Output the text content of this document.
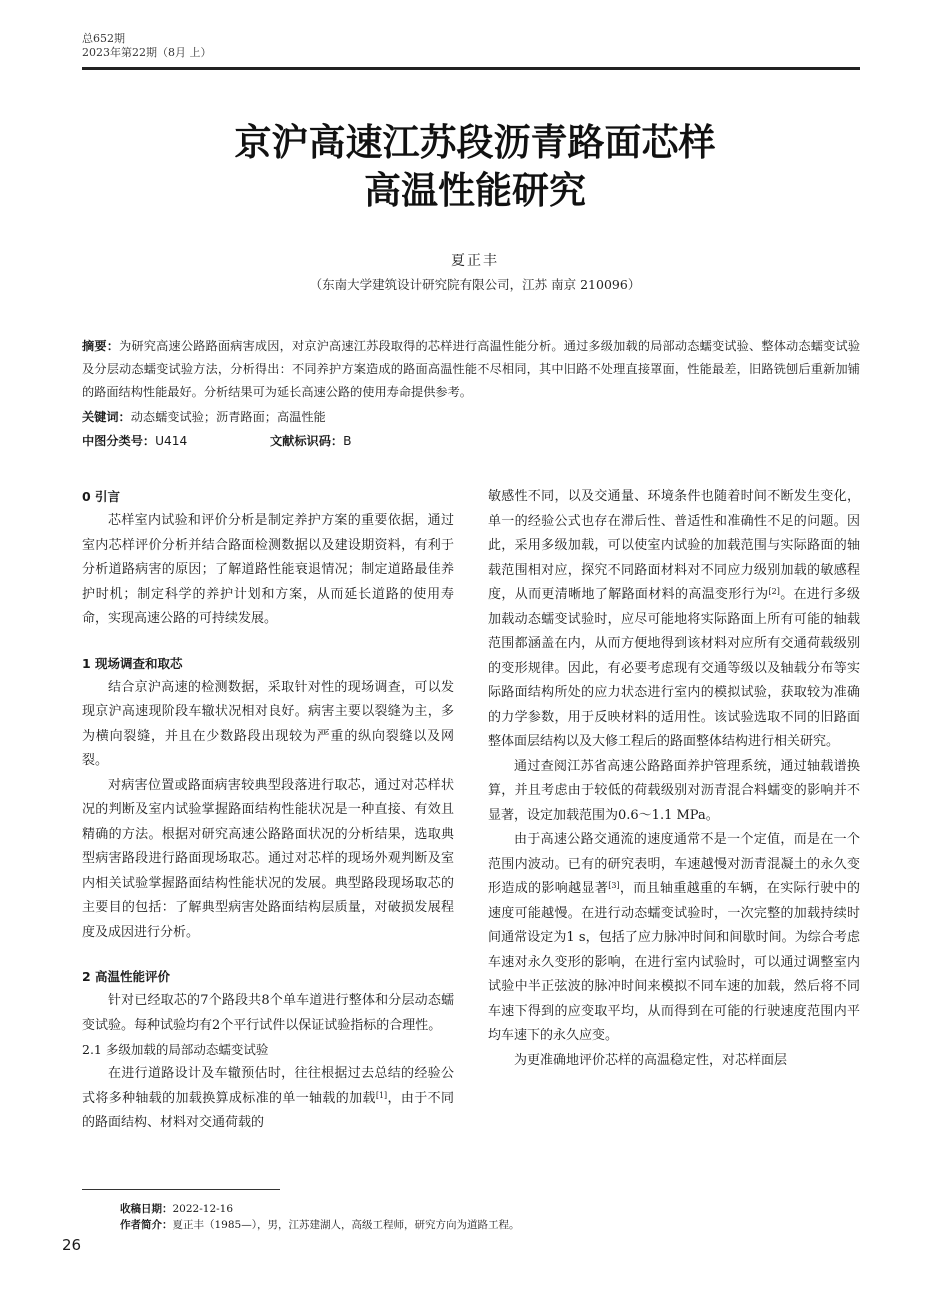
总652期
2023年第22期（8月 上）
京沪高速江苏段沥青路面芯样
高温性能研究
夏正丰
（东南大学建筑设计研究院有限公司，江苏 南京 210096）
摘要：为研究高速公路路面病害成因，对京沪高速江苏段取得的芯样进行高温性能分析。通过多级加载的局部动态蠕变试验、整体动态蠕变试验及分层动态蠕变试验方法，分析得出：不同养护方案造成的路面高温性能不尽相同，其中旧路不处理直接罩面，性能最差，旧路铣刨后重新加铺的路面结构性能最好。分析结果可为延长高速公路的使用寿命提供参考。
关键词：动态蠕变试验；沥青路面；高温性能
中图分类号：U414	文献标识码：B
0 引言

芯样室内试验和评价分析是制定养护方案的重要依据，通过室内芯样评价分析并结合路面检测数据以及建设期资料，有利于分析道路病害的原因；了解道路性能衰退情况；制定道路最佳养护时机；制定科学的养护计划和方案，从而延长道路的使用寿命，实现高速公路的可持续发展。

1 现场调查和取芯

结合京沪高速的检测数据，采取针对性的现场调查，可以发现京沪高速现阶段车辙状况相对良好。病害主要以裂缝为主，多为横向裂缝，并且在少数路段出现较为严重的纵向裂缝以及网裂。

对病害位置或路面病害较典型段落进行取芯，通过对芯样状况的判断及室内试验掌握路面结构性能状况是一种直接、有效且精确的方法。根据对研究高速公路路面状况的分析结果，选取典型病害路段进行路面现场取芯。通过对芯样的现场外观判断及室内相关试验掌握路面结构性能状况的发展。典型路段现场取芯的主要目的包括：了解典型病害处路面结构层质量，对破损发展程度及成因进行分析。

2 高温性能评价

针对已经取芯的7个路段共8个单车道进行整体和分层动态蠕变试验。每种试验均有2个平行试件以保证试验指标的合理性。

2.1 多级加载的局部动态蠕变试验

在进行道路设计及车辙预估时，往往根据过去总结的经验公式将多种轴载的加载换算成标准的单一轴载的加载[1]，由于不同的路面结构、材料对交通荷载的

敏感性不同，以及交通量、环境条件也随着时间不断发生变化，单一的经验公式也存在滞后性、普适性和准确性不足的问题。因此，采用多级加载，可以使室内试验的加载范围与实际路面的轴载范围相对应，探究不同路面材料对不同应力级别加载的敏感程度，从而更清晰地了解路面材料的高温变形行为[2]。在进行多级加载动态蠕变试验时，应尽可能地将实际路面上所有可能的轴载范围都涵盖在内，从而方便地得到该材料对应所有交通荷载级别的变形规律。因此，有必要考虑现有交通等级以及轴载分布等实际路面结构所处的应力状态进行室内的模拟试验，获取较为准确的力学参数，用于反映材料的适用性。该试验选取不同的旧路面整体面层结构以及大修工程后的路面整体结构进行相关研究。

通过查阅江苏省高速公路路面养护管理系统，通过轴载谱换算，并且考虑由于较低的荷载级别对沥青混合料蠕变的影响并不显著，设定加载范围为0.6～1.1 MPa。

由于高速公路交通流的速度通常不是一个定值，而是在一个范围内波动。已有的研究表明，车速越慢对沥青混凝土的永久变形造成的影响越显著[3]，而且轴重越重的车辆，在实际行驶中的速度可能越慢。在进行动态蠕变试验时，一次完整的加载持续时间通常设定为1 s，包括了应力脉冲时间和间歇时间。为综合考虑车速对永久变形的影响，在进行室内试验时，可以通过调整室内试验中半正弦波的脉冲时间来模拟不同车速的加载，然后将不同车速下得到的应变取平均，从而得到在可能的行驶速度范围内平均车速下的永久应变。

为更准确地评价芯样的高温稳定性，对芯样面层

收稿日期：2022-12-16
作者简介：夏正丰（1985—），男，江苏建湖人，高级工程师，研究方向为道路工程。
26
